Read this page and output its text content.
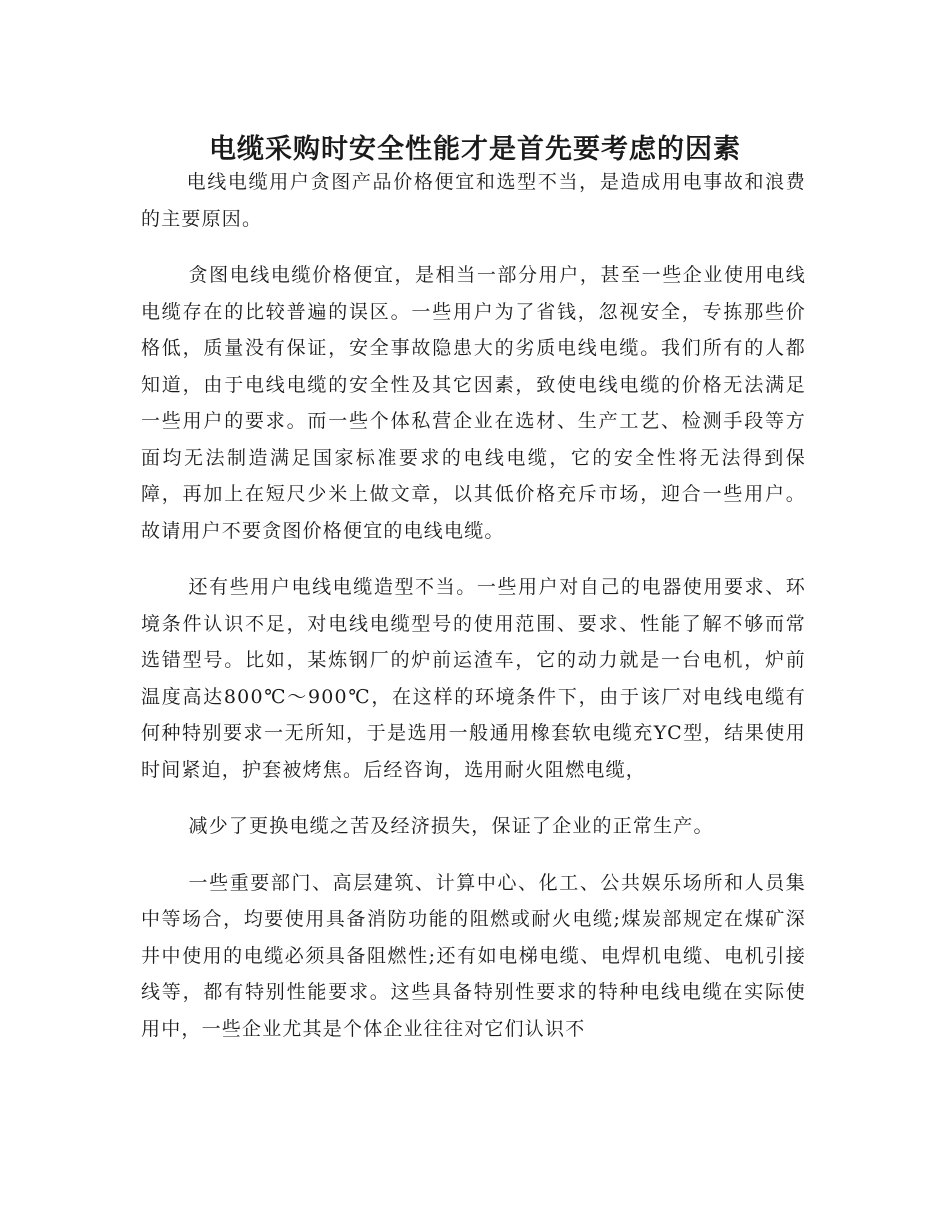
电缆采购时安全性能才是首先要考虑的因素

电线电缆用户贪图产品价格便宜和选型不当，是造成用电事故和浪费的主要原因。

贪图电线电缆价格便宜，是相当一部分用户，甚至一些企业使用电线电缆存在的比较普遍的误区。一些用户为了省钱，忽视安全，专拣那些价格低，质量没有保证，安全事故隐患大的劣质电线电缆。我们所有的人都知道，由于电线电缆的安全性及其它因素，致使电线电缆的价格无法满足一些用户的要求。而一些个体私营企业在选材、生产工艺、检测手段等方面均无法制造满足国家标准要求的电线电缆，它的安全性将无法得到保障，再加上在短尺少米上做文章，以其低价格充斥市场，迎合一些用户。故请用户不要贪图价格便宜的电线电缆。

还有些用户电线电缆造型不当。一些用户对自己的电器使用要求、环境条件认识不足，对电线电缆型号的使用范围、要求、性能了解不够而常选错型号。比如，某炼钢厂的炉前运渣车，它的动力就是一台电机，炉前温度高达800℃～900℃，在这样的环境条件下，由于该厂对电线电缆有何种特别要求一无所知，于是选用一般通用橡套软电缆充YC型，结果使用时间紧迫，护套被烤焦。后经咨询，选用耐火阻燃电缆，

减少了更换电缆之苦及经济损失，保证了企业的正常生产。

一些重要部门、高层建筑、计算中心、化工、公共娱乐场所和人员集中等场合，均要使用具备消防功能的阻燃或耐火电缆;煤炭部规定在煤矿深井中使用的电缆必须具备阻燃性;还有如电梯电缆、电焊机电缆、电机引接线等，都有特别性能要求。这些具备特别性要求的特种电线电缆在实际使用中，一些企业尤其是个体企业往往对它们认识不
